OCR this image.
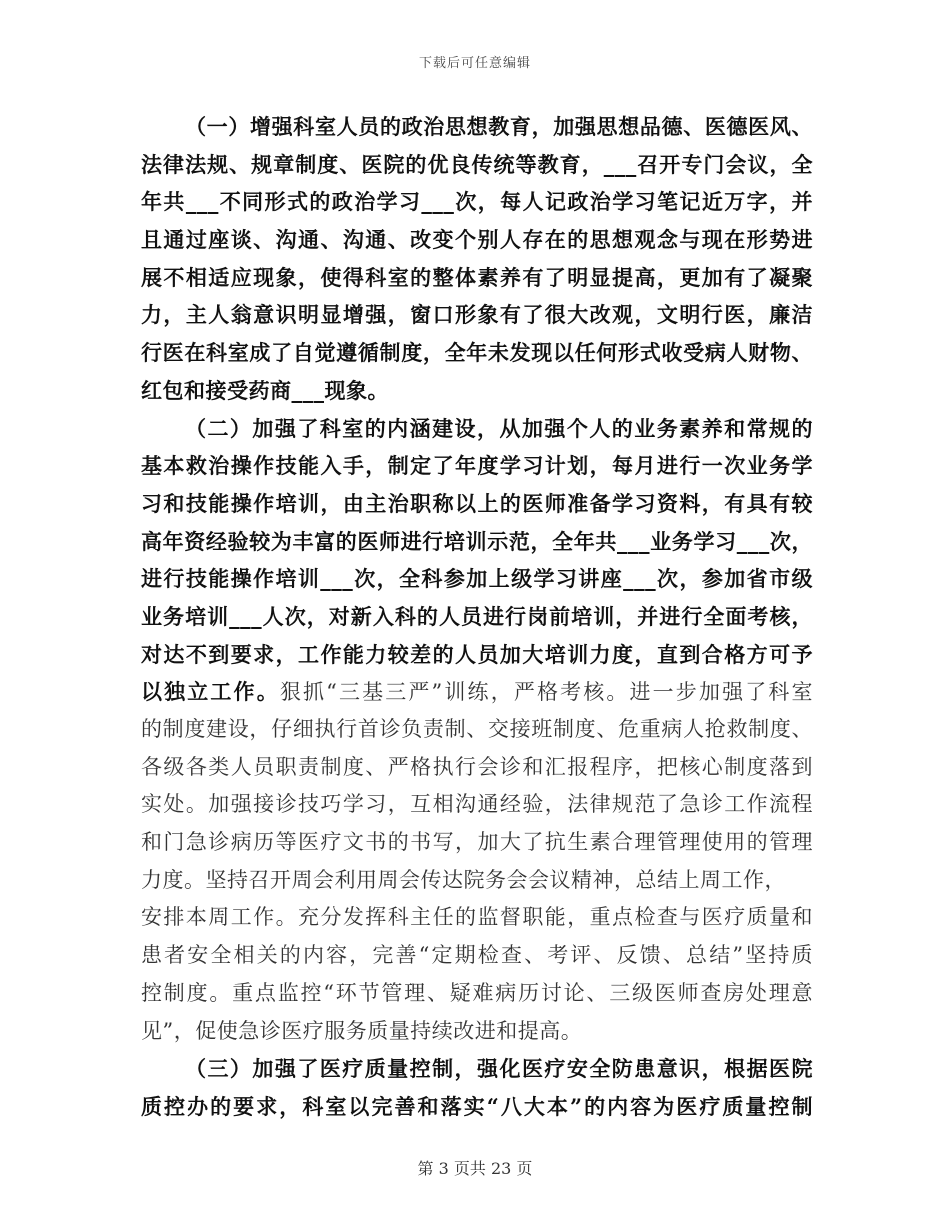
下载后可任意编辑
（一）增强科室人员的政治思想教育，加强思想品德、医德医风、
法律法规、规章制度、医院的优良传统等教育，___召开专门会议，全
年共___不同形式的政治学习___次，每人记政治学习笔记近万字，并
且通过座谈、沟通、沟通、改变个别人存在的思想观念与现在形势进
展不相适应现象，使得科室的整体素养有了明显提高，更加有了凝聚
力，主人翁意识明显增强，窗口形象有了很大改观，文明行医，廉洁
行医在科室成了自觉遵循制度，全年未发现以任何形式收受病人财物、
红包和接受药商___现象。
（二）加强了科室的内涵建设，从加强个人的业务素养和常规的
基本救治操作技能入手，制定了年度学习计划，每月进行一次业务学
习和技能操作培训，由主治职称以上的医师准备学习资料，有具有较
高年资经验较为丰富的医师进行培训示范，全年共___业务学习___次，
进行技能操作培训___次，全科参加上级学习讲座___次，参加省市级
业务培训___人次，对新入科的人员进行岗前培训，并进行全面考核，
对达不到要求，工作能力较差的人员加大培训力度，直到合格方可予
以独立工作。狠抓“三基三严”训练，严格考核。进一步加强了科室
的制度建设，仔细执行首诊负责制、交接班制度、危重病人抢救制度、
各级各类人员职责制度、严格执行会诊和汇报程序，把核心制度落到
实处。加强接诊技巧学习，互相沟通经验，法律规范了急诊工作流程
和门急诊病历等医疗文书的书写，加大了抗生素合理管理使用的管理
力度。坚持召开周会利用周会传达院务会会议精神，总结上周工作，
安排本周工作。充分发挥科主任的监督职能，重点检查与医疗质量和
患者安全相关的内容，完善“定期检查、考评、反馈、总结”坚持质
控制度。重点监控“环节管理、疑难病历讨论、三级医师查房处理意
见”，促使急诊医疗服务质量持续改进和提高。
（三）加强了医疗质量控制，强化医疗安全防患意识，根据医院
质控办的要求，科室以完善和落实“八大本”的内容为医疗质量控制
第 3 页共 23 页
